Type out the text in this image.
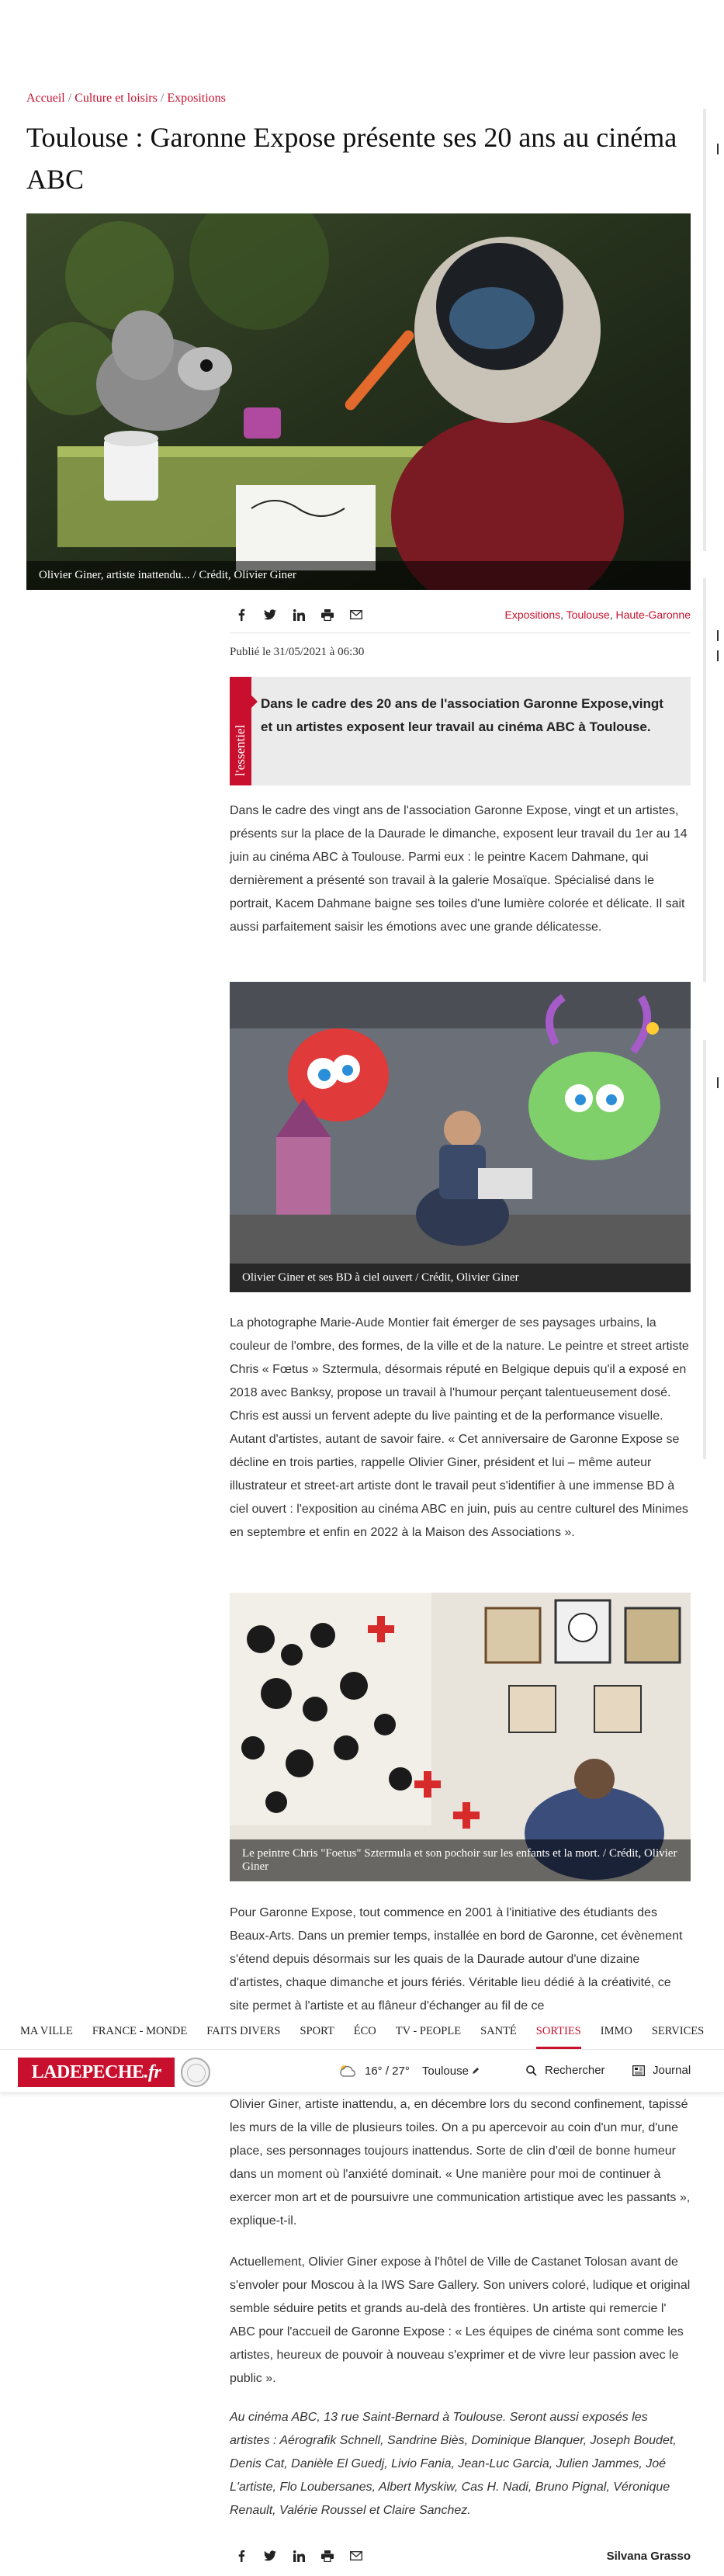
Accueil / Culture et loisirs / Expositions
Toulouse : Garonne Expose présente ses 20 ans au cinéma ABC
Olivier Giner, artiste inattendu... / Crédit, Olivier Giner
Expositions, Toulouse, Haute-Garonne
Publié le 31/05/2021 à 06:30
l'essentiel
Dans le cadre des 20 ans de l'association Garonne Expose,vingt et un artistes exposent leur travail au cinéma ABC à Toulouse.

Dans le cadre des vingt ans de l'association Garonne Expose, vingt et un artistes, présents sur la place de la Daurade le dimanche, exposent leur travail du 1er au 14 juin au cinéma ABC à Toulouse. Parmi eux : le peintre Kacem Dahmane, qui dernièrement a présenté son travail à la galerie Mosaïque. Spécialisé dans le portrait, Kacem Dahmane baigne ses toiles d'une lumière colorée et délicate. Il sait aussi parfaitement saisir les émotions avec une grande délicatesse.

Olivier Giner et ses BD à ciel ouvert / Crédit, Olivier Giner

La photographe Marie-Aude Montier fait émerger de ses paysages urbains, la couleur de l'ombre, des formes, de la ville et de la nature. Le peintre et street artiste Chris « Fœtus » Sztermula, désormais réputé en Belgique depuis qu'il a exposé en 2018 avec Banksy, propose un travail à l'humour perçant talentueusement dosé. Chris est aussi un fervent adepte du live painting et de la performance visuelle. Autant d'artistes, autant de savoir faire. « Cet anniversaire de Garonne Expose se décline en trois parties, rappelle Olivier Giner, président et lui – même auteur illustrateur et street-art artiste dont le travail peut s'identifier à une immense BD à ciel ouvert : l'exposition au cinéma ABC en juin, puis au centre culturel des Minimes en septembre et enfin en 2022 à la Maison des Associations ».

Le peintre Chris "Foetus" Sztermula et son pochoir sur les enfants et la mort. / Crédit, Olivier Giner

Pour Garonne Expose, tout commence en 2001 à l'initiative des étudiants des Beaux-Arts. Dans un premier temps, installée en bord de Garonne, cet évènement s'étend depuis désormais sur les quais de la Daurade autour d'une dizaine d'artistes, chaque dimanche et jours fériés. Véritable lieu dédié à la créativité, ce site permet à l'artiste et au flâneur d'échanger au fil de ce

MA VILLE FRANCE - MONDE FAITS DIVERS SPORT ÉCO TV - PEOPLE SANTÉ SORTIES IMMO SERVICES
LADEPECHE .fr	16° / 27° Toulouse	Rechercher	Journal

Olivier Giner, artiste inattendu, a, en décembre lors du second confinement, tapissé les murs de la ville de plusieurs toiles. On a pu apercevoir au coin d'un mur, d'une place, ses personnages toujours inattendus. Sorte de clin d'œil de bonne humeur dans un moment où l'anxiété dominait. « Une manière pour moi de continuer à exercer mon art et de poursuivre une communication artistique avec les passants », explique-t-il.

Actuellement, Olivier Giner expose à l'hôtel de Ville de Castanet Tolosan avant de s'envoler pour Moscou à la IWS Sare Gallery. Son univers coloré, ludique et original semble séduire petits et grands au-delà des frontières. Un artiste qui remercie l' ABC pour l'accueil de Garonne Expose : « Les équipes de cinéma sont comme les artistes, heureux de pouvoir à nouveau s'exprimer et de vivre leur passion avec le public ».

Au cinéma ABC, 13 rue Saint-Bernard à Toulouse. Seront aussi exposés les artistes : Aérografik Schnell, Sandrine Biès, Dominique Blanquer, Joseph Boudet, Denis Cat, Danièle El Guedj, Livio Fania, Jean-Luc Garcia, Julien Jammes, Joé L'artiste, Flo Loubersanes, Albert Myskiw, Cas H. Nadi, Bruno Pignal, Véronique Renault, Valérie Roussel et Claire Sanchez.

Silvana Grasso
